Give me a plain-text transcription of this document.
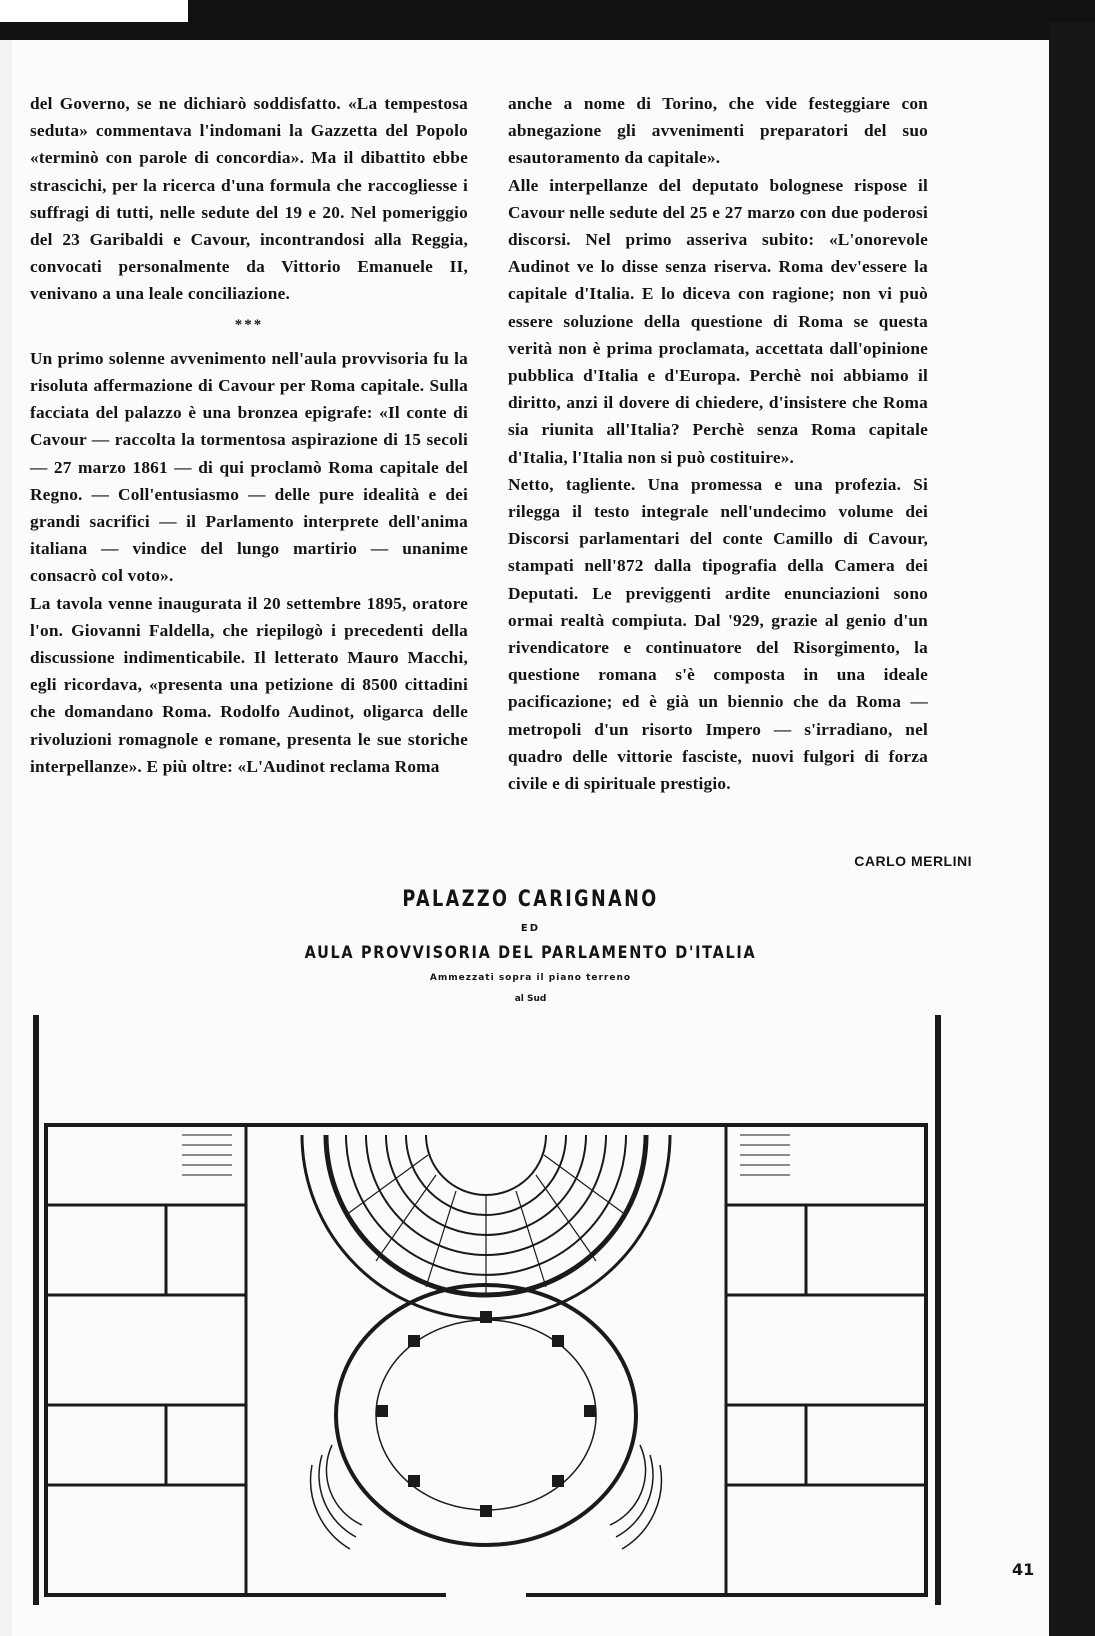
del Governo, se ne dichiarò soddisfatto. «La tempestosa seduta» commentava l'indomani la Gazzetta del Popolo «terminò con parole di concordia». Ma il dibattito ebbe strascichi, per la ricerca d'una formula che raccogliesse i suffragi di tutti, nelle sedute del 19 e 20. Nel pomeriggio del 23 Garibaldi e Cavour, incontrandosi alla Reggia, convocati personalmente da Vittorio Emanuele II, venivano a una leale conciliazione.

***

Un primo solenne avvenimento nell'aula provvisoria fu la risoluta affermazione di Cavour per Roma capitale. Sulla facciata del palazzo è una bronzea epigrafe: «Il conte di Cavour — raccolta la tormentosa aspirazione di 15 secoli — 27 marzo 1861 — di qui proclamò Roma capitale del Regno. — Coll'entusiasmo — delle pure idealità e dei grandi sacrifici — il Parlamento interprete dell'anima italiana — vindice del lungo martirio — unanime consacrò col voto».

La tavola venne inaugurata il 20 settembre 1895, oratore l'on. Giovanni Faldella, che riepilogò i precedenti della discussione indimenticabile. Il letterato Mauro Macchi, egli ricordava, «presenta una petizione di 8500 cittadini che domandano Roma. Rodolfo Audinot, oligarca delle rivoluzioni romagnole e romane, presenta le sue storiche interpellanze». E più oltre: «L'Audinot reclama Roma

anche a nome di Torino, che vide festeggiare con abnegazione gli avvenimenti preparatori del suo esautoramento da capitale».

Alle interpellanze del deputato bolognese rispose il Cavour nelle sedute del 25 e 27 marzo con due poderosi discorsi. Nel primo asseriva subito: «L'onorevole Audinot ve lo disse senza riserva. Roma dev'essere la capitale d'Italia. E lo diceva con ragione; non vi può essere soluzione della questione di Roma se questa verità non è prima proclamata, accettata dall'opinione pubblica d'Italia e d'Europa. Perchè noi abbiamo il diritto, anzi il dovere di chiedere, d'insistere che Roma sia riunita all'Italia? Perchè senza Roma capitale d'Italia, l'Italia non si può costituire».

Netto, tagliente. Una promessa e una profezia. Si rilegga il testo integrale nell'undecimo volume dei Discorsi parlamentari del conte Camillo di Cavour, stampati nell'872 dalla tipografia della Camera dei Deputati. Le previggenti ardite enunciazioni sono ormai realtà compiuta. Dal '929, grazie al genio d'un rivendicatore e continuatore del Risorgimento, la questione romana s'è composta in una ideale pacificazione; ed è già un biennio che da Roma — metropoli d'un risorto Impero — s'irradiano, nel quadro delle vittorie fasciste, nuovi fulgori di forza civile e di spirituale prestigio.

CARLO MERLINI
PALAZZO CARIGNANO
ED
AULA PROVVISORIA DEL PARLAMENTO D'ITALIA
Ammezzati sopra il piano terreno
al Sud
41
